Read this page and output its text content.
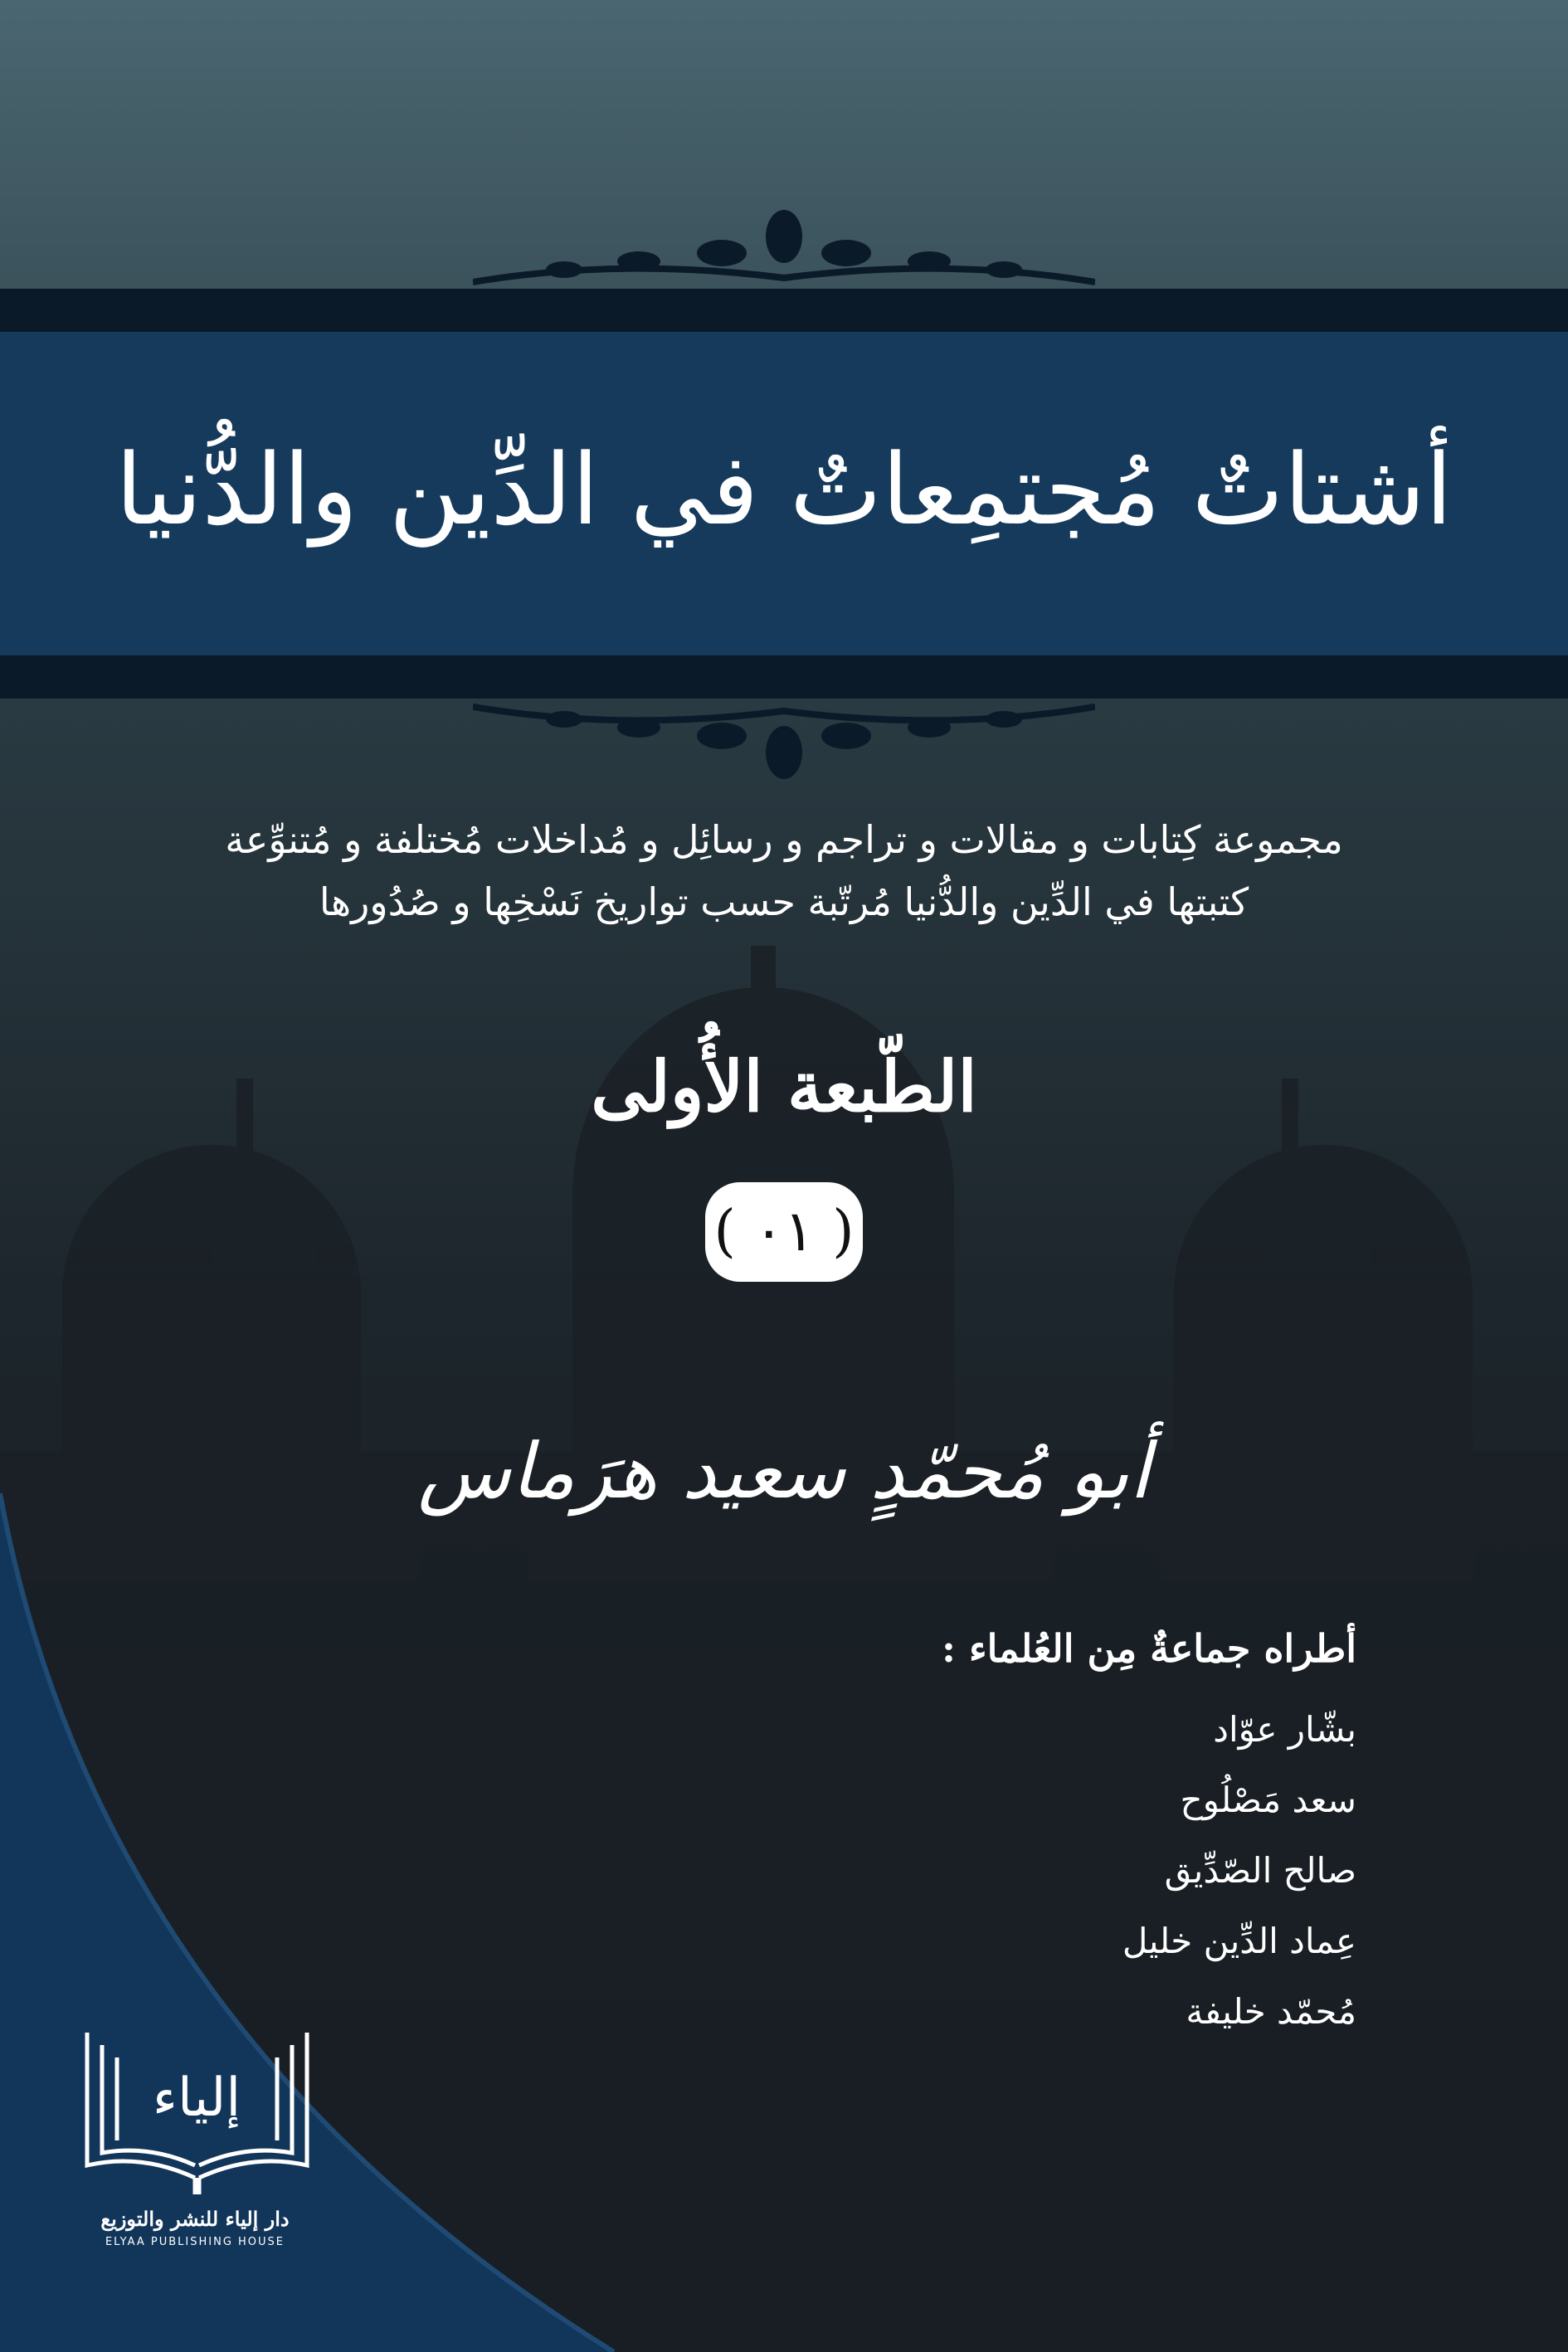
أشتاتٌ مُجتمِعاتٌ في الدِّين والدُّنيا
مجموعة كِتابات و مقالات و تراجم و رسائِل و مُداخلات مُختلفة و مُتنوِّعة
كتبتها في الدِّين والدُّنيا مُرتّبة حسب تواريخ نَسْخِها و صُدُورها
الطّبعة الأُولى
( ٠١ )
أبو مُحمّدٍ سعيد هرَماس
أطراه جماعةٌ مِن العُلماء :
بشّار عوّاد
سعد مَصْلُوح
صالح الصّدِّيق
عِماد الدِّين خليل
مُحمّد خليفة
إلياء
دار إلياء للنشر والتوزيع
ELYAA PUBLISHING HOUSE
